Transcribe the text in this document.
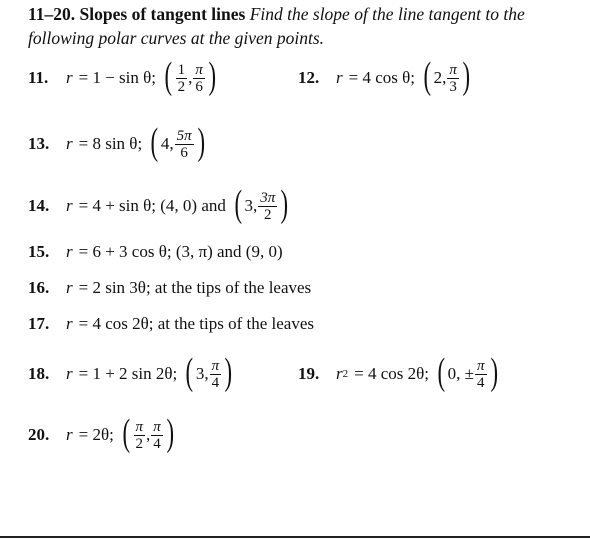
11–20. Slopes of tangent lines Find the slope of the line tangent to the following polar curves at the given points.
11.	r = 1 − sin θ; ( $\frac{1}{2}$ , $\frac{\pi}{6}$ )	12. r = 4 cos θ; ( 2, $\frac{\pi}{3}$ )
13. r = 8 sin θ; ( 4, $\frac{5\pi}{6}$ )
14. r = 4 + sin θ; (4, 0) and ( 3, $\frac{3\pi}{2}$ )
15. r = 6 + 3 cos θ; (3, π) and (9, 0)
16. r = 2 sin 3θ; at the tips of the leaves
17. r = 4 cos 2θ; at the tips of the leaves
18. r = 1 + 2 sin 2θ; ( 3, $\frac{\pi}{4}$ )	19. r 2 = 4 cos 2θ; ( 0, ± $\frac{\pi}{4}$ )
20. r = 2θ; ( $\frac{\pi}{2}$ , $\frac{\pi}{4}$ )
